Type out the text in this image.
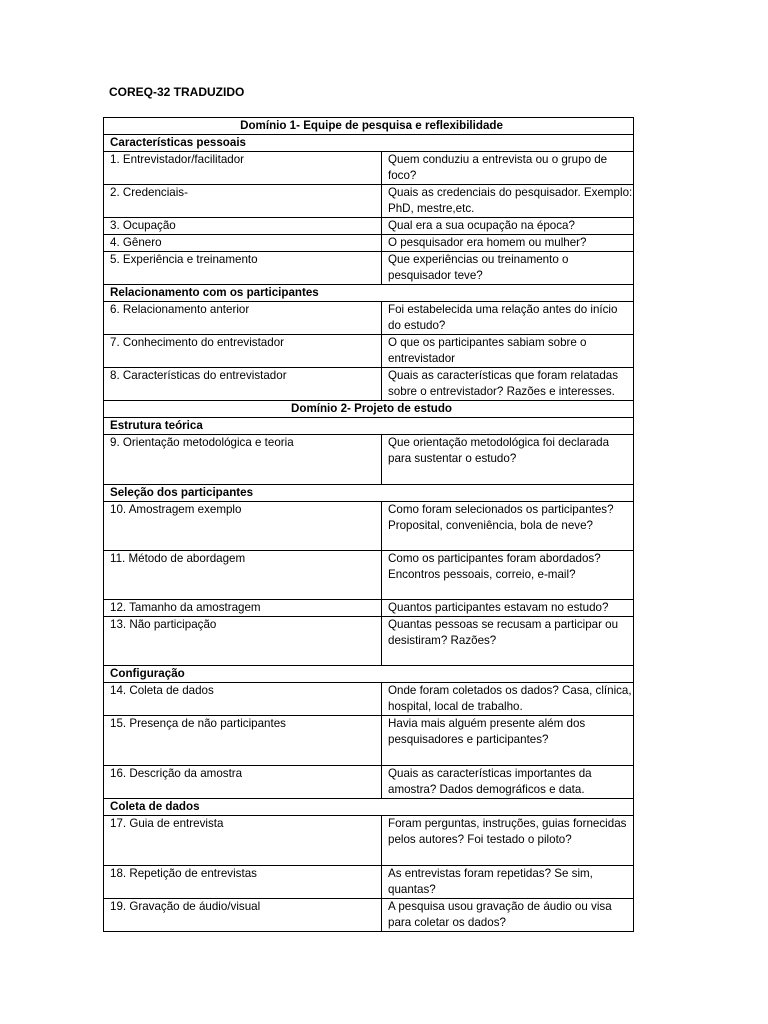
COREQ-32 TRADUZIDO
Domínio 1- Equipe de pesquisa e reflexibilidade	
Características pessoais	
1. Entrevistador/facilitador	Quem conduziu a entrevista ou o grupo de foco?
2. Credenciais-	Quais as credenciais do pesquisador. Exemplo: PhD, mestre,etc.
3. Ocupação	Qual era a sua ocupação na época?
4. Gênero	O pesquisador era homem ou mulher?
5. Experiência e treinamento	Que experiências ou treinamento o pesquisador teve?
Relacionamento com os participantes	
6. Relacionamento anterior	Foi estabelecida uma relação antes do início do estudo?
7. Conhecimento do entrevistador	O que os participantes sabiam sobre o entrevistador
8. Características do entrevistador	Quais as características que foram relatadas sobre o entrevistador? Razões e interesses.
Domínio 2- Projeto de estudo	
Estrutura teórica	
9. Orientação metodológica e teoria	Que orientação metodológica foi declarada para sustentar o estudo?
Seleção dos participantes	
10. Amostragem exemplo	Como foram selecionados os participantes? Proposital, conveniência, bola de neve?
11. Método de abordagem	Como os participantes foram abordados? Encontros pessoais, correio, e-mail?
12. Tamanho da amostragem	Quantos participantes estavam no estudo?
13. Não participação	Quantas pessoas se recusam a participar ou desistiram? Razões?
Configuração	
14. Coleta de dados	Onde foram coletados os dados? Casa, clínica, hospital, local de trabalho.
15. Presença de não participantes	Havia mais alguém presente além dos pesquisadores e participantes?
16. Descrição da amostra	Quais as características importantes da amostra? Dados demográficos e data.
Coleta de dados	
17. Guia de entrevista	Foram perguntas, instruções, guias fornecidas pelos autores? Foi testado o piloto?
18. Repetição de entrevistas	As entrevistas foram repetidas? Se sim, quantas?
19. Gravação de áudio/visual	A pesquisa usou gravação de áudio ou visa para coletar os dados?
